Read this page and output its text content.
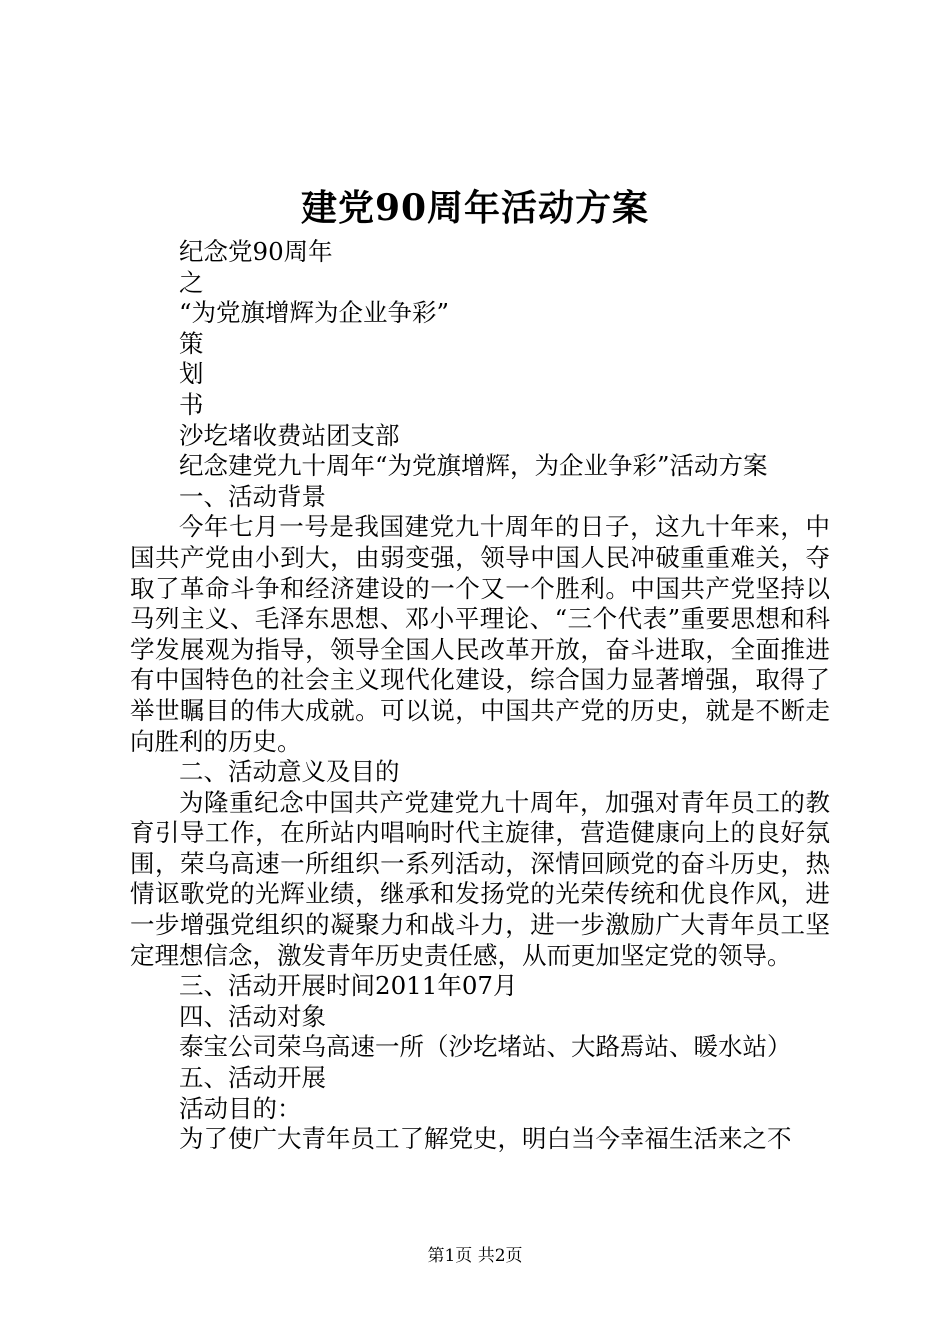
建党90周年活动方案
纪念党90周年
之
“为党旗增辉为企业争彩”
策
划
书
沙圪堵收费站团支部
纪念建党九十周年“为党旗增辉，为企业争彩”活动方案
一、活动背景

今年七月一号是我国建党九十周年的日子，这九十年来，中国共产党由小到大，由弱变强，领导中国人民冲破重重难关，夺取了革命斗争和经济建设的一个又一个胜利。中国共产党坚持以马列主义、毛泽东思想、邓小平理论、“三个代表”重要思想和科学发展观为指导，领导全国人民改革开放，奋斗进取，全面推进有中国特色的社会主义现代化建设，综合国力显著增强，取得了举世瞩目的伟大成就。可以说，中国共产党的历史，就是不断走向胜利的历史。

二、活动意义及目的

为隆重纪念中国共产党建党九十周年，加强对青年员工的教育引导工作，在所站内唱响时代主旋律，营造健康向上的良好氛围，荣乌高速一所组织一系列活动，深情回顾党的奋斗历史，热情讴歌党的光辉业绩，继承和发扬党的光荣传统和优良作风，进一步增强党组织的凝聚力和战斗力，进一步激励广大青年员工坚定理想信念，激发青年历史责任感，从而更加坚定党的领导。

三、活动开展时间2011年07月
四、活动对象
泰宝公司荣乌高速一所（沙圪堵站、大路焉站、暖水站）
五、活动开展
活动目的：

为了使广大青年员工了解党史，明白当今幸福生活来之不

第1页 共2页
